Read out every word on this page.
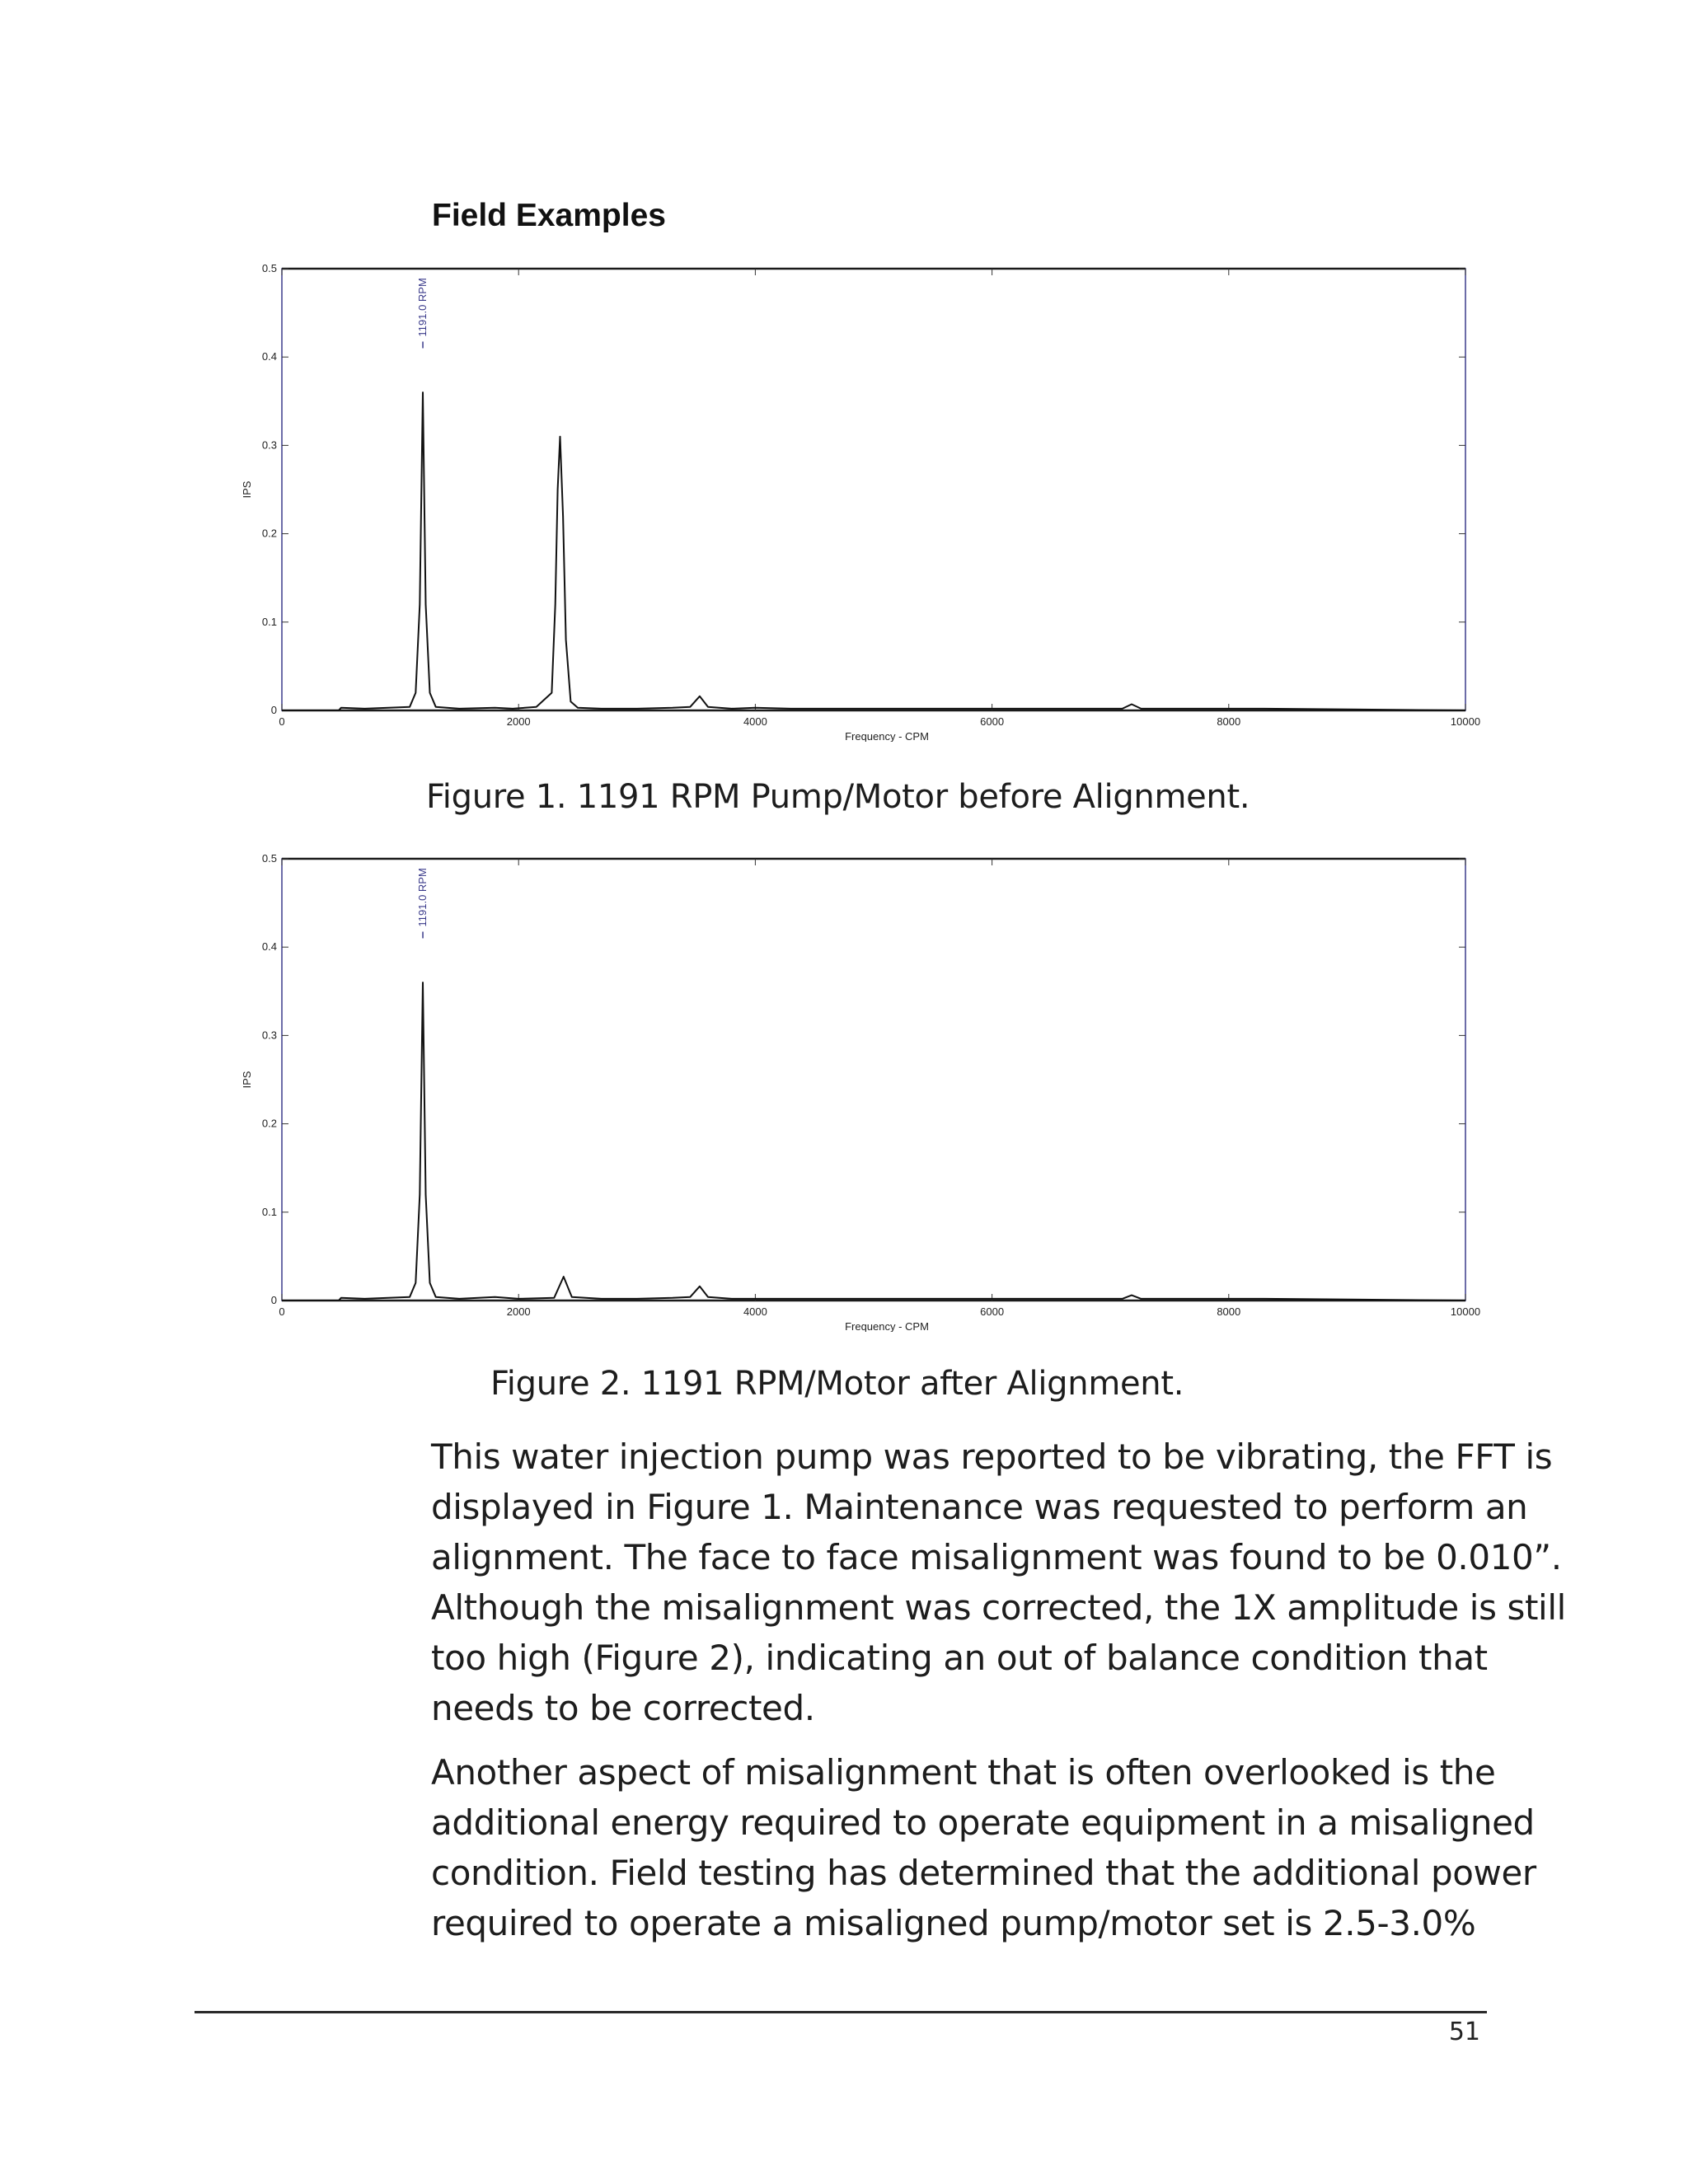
Field Examples
0	2000	4000	6000	8000	10000
0
0.1
0.2
0.3
0.4
0.5
Frequency - CPM
IPS
1191.0 RPM
Figure 1. 1191 RPM Pump/Motor before Alignment.
0	2000	4000	6000	8000	10000
0
0.1
0.2
0.3
0.4
0.5
Frequency - CPM
IPS
1191.0 RPM
Figure 2. 1191 RPM/Motor after Alignment.
This water injection pump was reported to be vibrating, the FFT is
displayed in Figure 1. Maintenance was requested to perform an
alignment. The face to face misalignment was found to be 0.010”.
Although the misalignment was corrected, the 1X amplitude is still
too high (Figure 2), indicating an out of balance condition that
needs to be corrected.
Another aspect of misalignment that is often overlooked is the
additional energy required to operate equipment in a misaligned
condition. Field testing has determined that the additional power
required to operate a misaligned pump/motor set is 2.5-3.0%
51
